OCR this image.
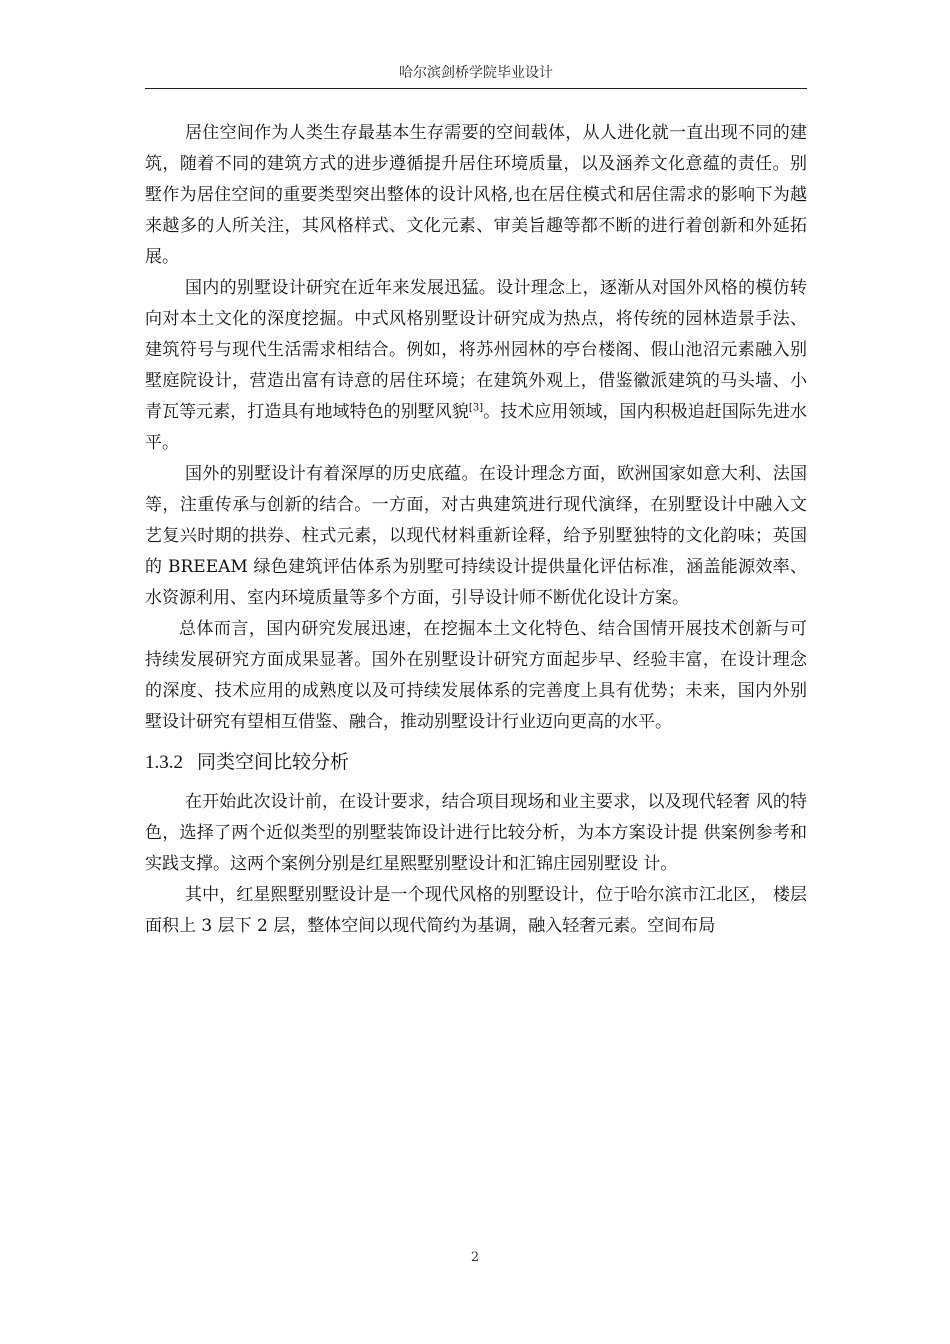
哈尔滨剑桥学院毕业设计

居住空间作为人类生存最基本生存需要的空间载体，从人进化就一直出现不同的建筑，随着不同的建筑方式的进步遵循提升居住环境质量，以及涵养文化意蕴的责任。别墅作为居住空间的重要类型突出整体的设计风格,也在居住模式和居住需求的影响下为越来越多的人所关注，其风格样式、文化元素、审美旨趣等都不断的进行着创新和外延拓展。

国内的别墅设计研究在近年来发展迅猛。设计理念上，逐渐从对国外风格的模仿转向对本土文化的深度挖掘。中式风格别墅设计研究成为热点，将传统的园林造景手法、建筑符号与现代生活需求相结合。例如，将苏州园林的亭台楼阁、假山池沼元素融入别墅庭院设计，营造出富有诗意的居住环境；在建筑外观上，借鉴徽派建筑的马头墙、小青瓦等元素，打造具有地域特色的别墅风貌[3]。技术应用领域，国内积极追赶国际先进水平。

国外的别墅设计有着深厚的历史底蕴。在设计理念方面，欧洲国家如意大利、法国等，注重传承与创新的结合。一方面，对古典建筑进行现代演绎，在别墅设计中融入文艺复兴时期的拱券、柱式元素，以现代材料重新诠释，给予别墅独特的文化韵味；英国的 BREEAM 绿色建筑评估体系为别墅可持续设计提供量化评估标准，涵盖能源效率、水资源利用、室内环境质量等多个方面，引导设计师不断优化设计方案。

总体而言，国内研究发展迅速，在挖掘本土文化特色、结合国情开展技术创新与可持续发展研究方面成果显著。国外在别墅设计研究方面起步早、经验丰富，在设计理念的深度、技术应用的成熟度以及可持续发展体系的完善度上具有优势；未来，国内外别墅设计研究有望相互借鉴、融合，推动别墅设计行业迈向更高的水平。

1.3.2 同类空间比较分析

在开始此次设计前，在设计要求，结合项目现场和业主要求，以及现代轻奢 风的特色，选择了两个近似类型的别墅装饰设计进行比较分析，为本方案设计提 供案例参考和实践支撑。这两个案例分别是红星熙墅别墅设计和汇锦庄园别墅设 计。

其中，红星熙墅别墅设计是一个现代风格的别墅设计，位于哈尔滨市江北区， 楼层面积上 3 层下 2 层，整体空间以现代简约为基调，融入轻奢元素。空间布局

2
